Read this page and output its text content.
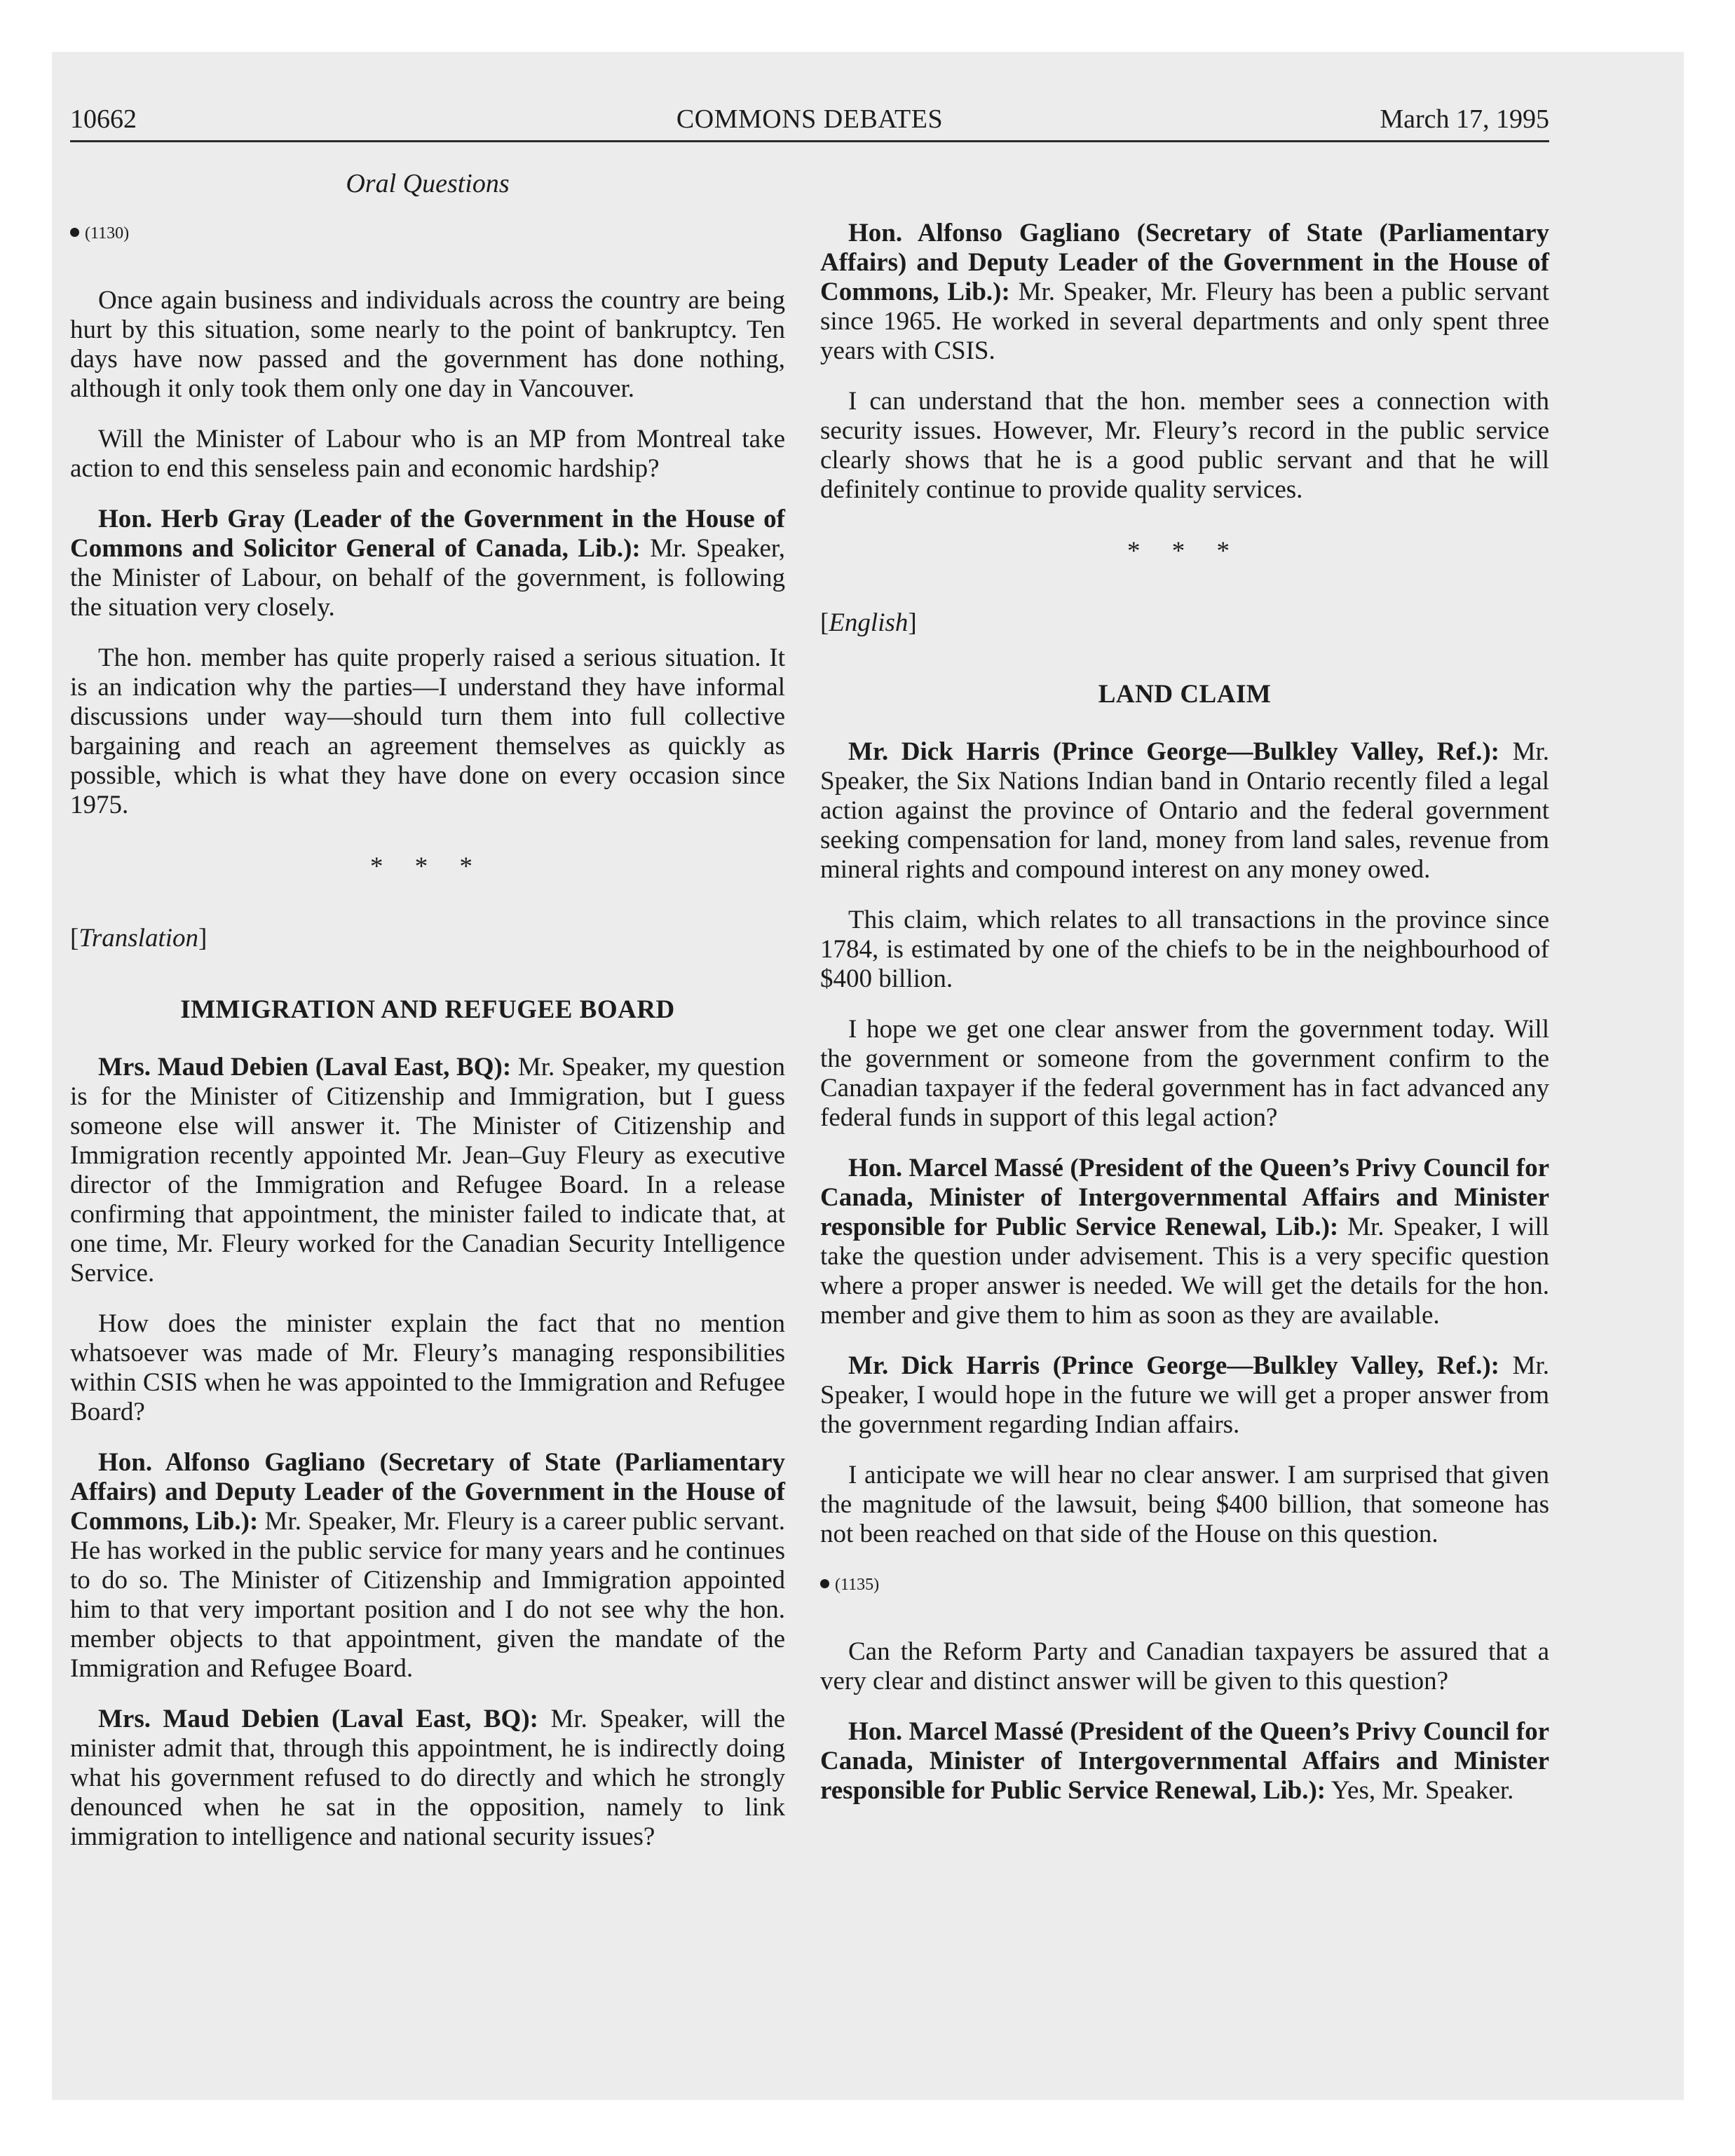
10662	COMMONS DEBATES	March 17, 1995
Oral Questions
(1130)

Once again business and individuals across the country are being hurt by this situation, some nearly to the point of bankruptcy. Ten days have now passed and the government has done nothing, although it only took them only one day in Vancouver.

Will the Minister of Labour who is an MP from Montreal take action to end this senseless pain and economic hardship?

Hon. Herb Gray (Leader of the Government in the House of Commons and Solicitor General of Canada, Lib.): Mr. Speaker, the Minister of Labour, on behalf of the government, is following the situation very closely.

The hon. member has quite properly raised a serious situation. It is an indication why the parties—I understand they have informal discussions under way—should turn them into full collective bargaining and reach an agreement themselves as quickly as possible, which is what they have done on every occasion since 1975.

* * *
[Translation]
IMMIGRATION AND REFUGEE BOARD

Mrs. Maud Debien (Laval East, BQ): Mr. Speaker, my question is for the Minister of Citizenship and Immigration, but I guess someone else will answer it. The Minister of Citizenship and Immigration recently appointed Mr. Jean–Guy Fleury as executive director of the Immigration and Refugee Board. In a release confirming that appointment, the minister failed to indicate that, at one time, Mr. Fleury worked for the Canadian Security Intelligence Service.

How does the minister explain the fact that no mention whatsoever was made of Mr. Fleury’s managing responsibilities within CSIS when he was appointed to the Immigration and Refugee Board?

Hon. Alfonso Gagliano (Secretary of State (Parliamentary Affairs) and Deputy Leader of the Government in the House of Commons, Lib.): Mr. Speaker, Mr. Fleury is a career public servant. He has worked in the public service for many years and he continues to do so. The Minister of Citizenship and Immigration appointed him to that very important position and I do not see why the hon. member objects to that appointment, given the mandate of the Immigration and Refugee Board.

Mrs. Maud Debien (Laval East, BQ): Mr. Speaker, will the minister admit that, through this appointment, he is indirectly doing what his government refused to do directly and which he strongly denounced when he sat in the opposition, namely to link immigration to intelligence and national security issues?

Hon. Alfonso Gagliano (Secretary of State (Parliamentary Affairs) and Deputy Leader of the Government in the House of Commons, Lib.): Mr. Speaker, Mr. Fleury has been a public servant since 1965. He worked in several departments and only spent three years with CSIS.

I can understand that the hon. member sees a connection with security issues. However, Mr. Fleury’s record in the public service clearly shows that he is a good public servant and that he will definitely continue to provide quality services.

* * *
[English]
LAND CLAIM

Mr. Dick Harris (Prince George—Bulkley Valley, Ref.): Mr. Speaker, the Six Nations Indian band in Ontario recently filed a legal action against the province of Ontario and the federal government seeking compensation for land, money from land sales, revenue from mineral rights and compound interest on any money owed.

This claim, which relates to all transactions in the province since 1784, is estimated by one of the chiefs to be in the neighbourhood of $400 billion.

I hope we get one clear answer from the government today. Will the government or someone from the government confirm to the Canadian taxpayer if the federal government has in fact advanced any federal funds in support of this legal action?

Hon. Marcel Massé (President of the Queen’s Privy Council for Canada, Minister of Intergovernmental Affairs and Minister responsible for Public Service Renewal, Lib.): Mr. Speaker, I will take the question under advisement. This is a very specific question where a proper answer is needed. We will get the details for the hon. member and give them to him as soon as they are available.

Mr. Dick Harris (Prince George—Bulkley Valley, Ref.): Mr. Speaker, I would hope in the future we will get a proper answer from the government regarding Indian affairs.

I anticipate we will hear no clear answer. I am surprised that given the magnitude of the lawsuit, being $400 billion, that someone has not been reached on that side of the House on this question.

(1135)

Can the Reform Party and Canadian taxpayers be assured that a very clear and distinct answer will be given to this question?

Hon. Marcel Massé (President of the Queen’s Privy Council for Canada, Minister of Intergovernmental Affairs and Minister responsible for Public Service Renewal, Lib.): Yes, Mr. Speaker.
